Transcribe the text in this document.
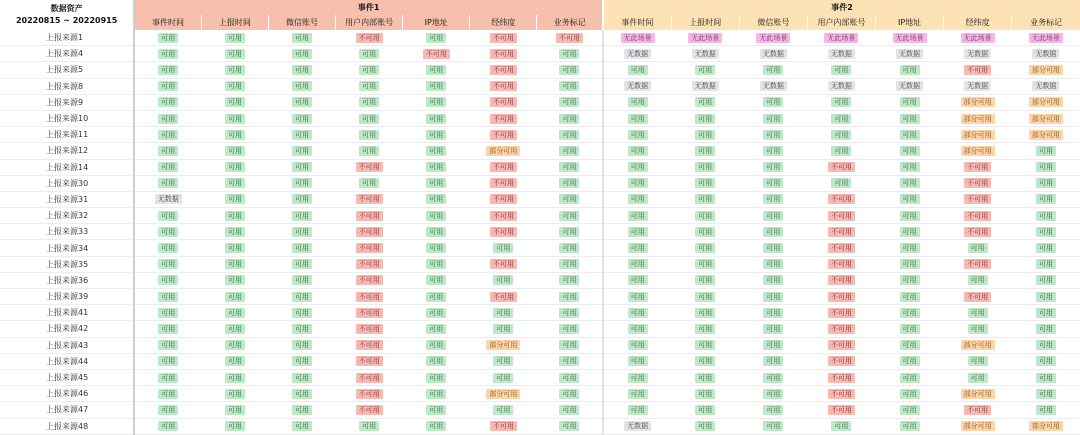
数据资产
20220815 ~ 20220915	事件1							事件2						
	事件时间	上报时间	微信账号	用户内部账号	IP地址	经纬度	业务标记	事件时间	上报时间	微信账号	用户内部账号	IP地址	经纬度	业务标记
上报来源1	可用	可用	可用	不可用	可用	不可用	不可用	无此场景	无此场景	无此场景	无此场景	无此场景	无此场景	无此场景
上报来源4	可用	可用	可用	可用	不可用	不可用	可用	无数据	无数据	无数据	无数据	无数据	无数据	无数据
上报来源5	可用	可用	可用	可用	可用	不可用	可用	可用	可用	可用	可用	可用	不可用	部分可用
上报来源8	可用	可用	可用	可用	可用	不可用	可用	无数据	无数据	无数据	无数据	无数据	无数据	无数据
上报来源9	可用	可用	可用	可用	可用	不可用	可用	可用	可用	可用	可用	可用	部分可用	部分可用
上报来源10	可用	可用	可用	可用	可用	不可用	可用	可用	可用	可用	可用	可用	部分可用	部分可用
上报来源11	可用	可用	可用	可用	可用	不可用	可用	可用	可用	可用	可用	可用	部分可用	部分可用
上报来源12	可用	可用	可用	可用	可用	部分可用	可用	可用	可用	可用	可用	可用	部分可用	可用
上报来源14	可用	可用	可用	不可用	可用	不可用	可用	可用	可用	可用	不可用	可用	不可用	可用
上报来源30	可用	可用	可用	可用	可用	不可用	可用	可用	可用	可用	可用	可用	不可用	可用
上报来源31	无数据	可用	可用	不可用	可用	不可用	可用	可用	可用	可用	不可用	可用	不可用	可用
上报来源32	可用	可用	可用	不可用	可用	不可用	可用	可用	可用	可用	不可用	可用	不可用	可用
上报来源33	可用	可用	可用	不可用	可用	不可用	可用	可用	可用	可用	不可用	可用	不可用	可用
上报来源34	可用	可用	可用	不可用	可用	可用	可用	可用	可用	可用	不可用	可用	可用	可用
上报来源35	可用	可用	可用	不可用	可用	不可用	可用	可用	可用	可用	不可用	可用	不可用	可用
上报来源36	可用	可用	可用	不可用	可用	可用	可用	可用	可用	可用	不可用	可用	可用	可用
上报来源39	可用	可用	可用	不可用	可用	不可用	可用	可用	可用	可用	不可用	可用	不可用	可用
上报来源41	可用	可用	可用	不可用	可用	可用	可用	可用	可用	可用	不可用	可用	可用	可用
上报来源42	可用	可用	可用	不可用	可用	可用	可用	可用	可用	可用	不可用	可用	可用	可用
上报来源43	可用	可用	可用	不可用	可用	部分可用	可用	可用	可用	可用	不可用	可用	部分可用	可用
上报来源44	可用	可用	可用	不可用	可用	可用	可用	可用	可用	可用	不可用	可用	可用	可用
上报来源45	可用	可用	可用	不可用	可用	可用	可用	可用	可用	可用	不可用	可用	可用	可用
上报来源46	可用	可用	可用	不可用	可用	部分可用	可用	可用	可用	可用	不可用	可用	部分可用	可用
上报来源47	可用	可用	可用	不可用	可用	可用	可用	可用	可用	可用	不可用	可用	不可用	可用
上报来源48	可用	可用	可用	可用	可用	不可用	可用	无数据	可用	可用	可用	可用	部分可用	部分可用
